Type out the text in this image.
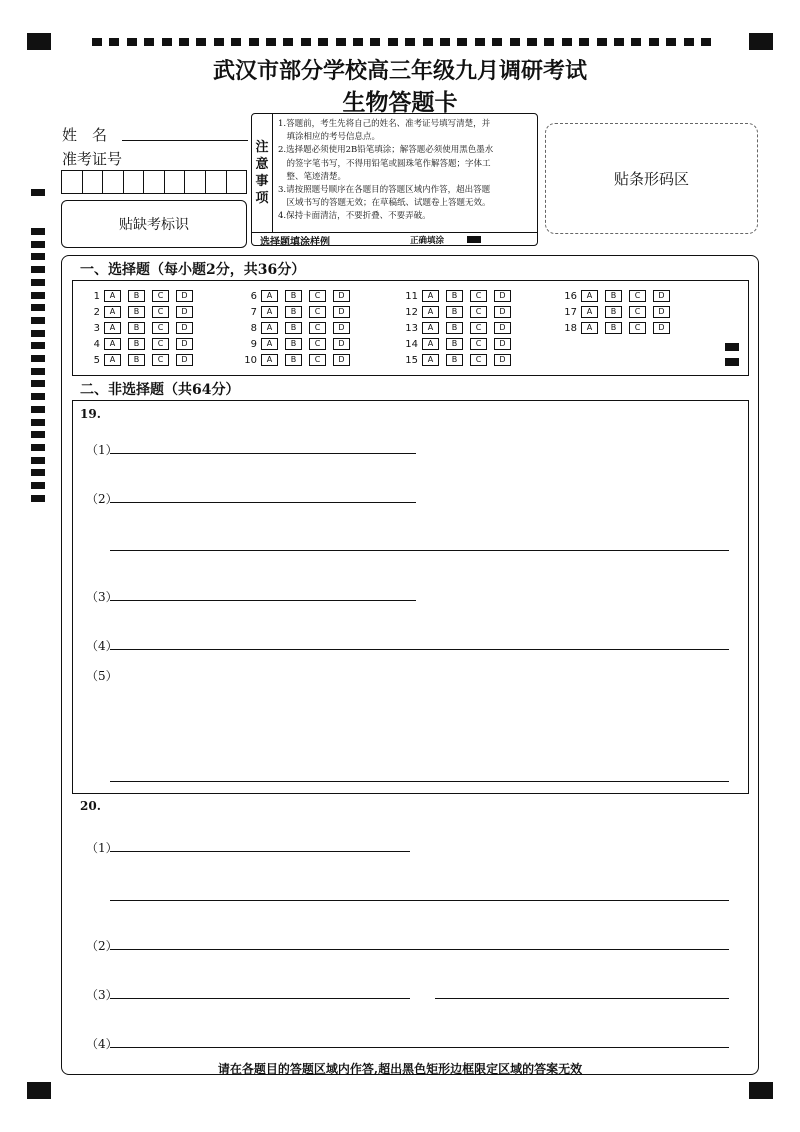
武汉市部分学校高三年级九月调研考试
生物答题卡
姓　名
准考证号
贴缺考标识
注
意
事
项
1.答题前，考生先将自己的姓名、准考证号填写清楚，并
　填涂相应的考号信息点。
2.选择题必须使用2B铅笔填涂；解答题必须使用黑色墨水
　的签字笔书写，不得用铅笔或圆珠笔作解答题；字体工
　整、笔迹清楚。
3.请按照题号顺序在各题目的答题区域内作答，超出答题
　区域书写的答题无效；在草稿纸、试题卷上答题无效。
4.保持卡面清洁，不要折叠、不要弄破。
选择题填涂样例	正确填涂
贴条形码区
一、选择题（每小题2分，共36分）
1 A B C D
2 A B C D
3 A B C D
4 A B C D
5 A B C D
6 A B C D
7 A B C D
8 A B C D
9 A B C D
10 A B C D
11 A B C D
12 A B C D
13 A B C D
14 A B C D
15 A B C D
16 A B C D
17 A B C D
18 A B C D
二、非选择题（共64分）
19.
（1）
（2）
（3）
（4）
（5）
20.
（1）
（2）
（3）
（4）
请在各题目的答题区域内作答,超出黑色矩形边框限定区域的答案无效
